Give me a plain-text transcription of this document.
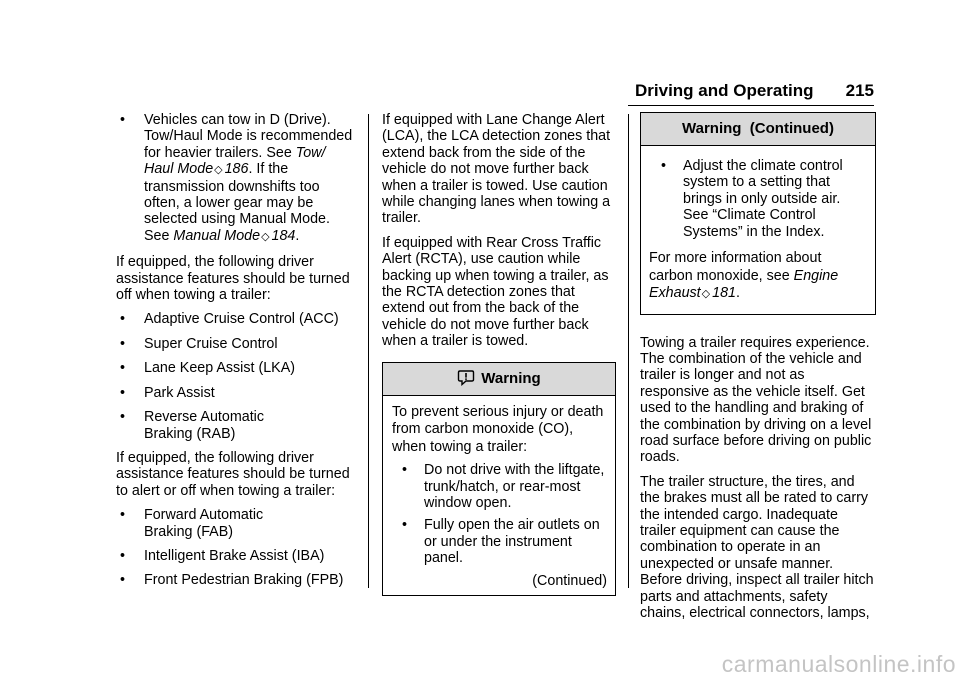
Driving and Operating 215
• Vehicles can tow in D (Drive). Tow/Haul Mode is recommended for heavier trailers. See Tow/ Haul Mode◇ 186. If the transmission downshifts too often, a lower gear may be selected using Manual Mode. See Manual Mode◇ 184.

If equipped, the following driver assistance features should be turned off when towing a trailer:

• Adaptive Cruise Control (ACC)
• Super Cruise Control
• Lane Keep Assist (LKA)
• Park Assist
• Reverse Automatic Braking (RAB)

If equipped, the following driver assistance features should be turned to alert or off when towing a trailer:

• Forward Automatic Braking (FAB)
• Intelligent Brake Assist (IBA)
• Front Pedestrian Braking (FPB)

If equipped with Lane Change Alert (LCA), the LCA detection zones that extend back from the side of the vehicle do not move further back when a trailer is towed. Use caution while changing lanes when towing a trailer.

If equipped with Rear Cross Traffic Alert (RCTA), use caution while backing up when towing a trailer, as the RCTA detection zones that extend out from the back of the vehicle do not move further back when a trailer is towed.

Warning

To prevent serious injury or death from carbon monoxide (CO), when towing a trailer:

• Do not drive with the liftgate, trunk/hatch, or rear-most window open.
• Fully open the air outlets on or under the instrument panel.
(Continued)
Warning  (Continued)
• Adjust the climate control system to a setting that brings in only outside air. See “Climate Control Systems” in the Index.

For more information about carbon monoxide, see Engine Exhaust◇ 181.

Towing a trailer requires experience. The combination of the vehicle and trailer is longer and not as responsive as the vehicle itself. Get used to the handling and braking of the combination by driving on a level road surface before driving on public roads.

The trailer structure, the tires, and the brakes must all be rated to carry the intended cargo. Inadequate trailer equipment can cause the combination to operate in an unexpected or unsafe manner. Before driving, inspect all trailer hitch parts and attachments, safety chains, electrical connectors, lamps,

carmanualsonline.info
